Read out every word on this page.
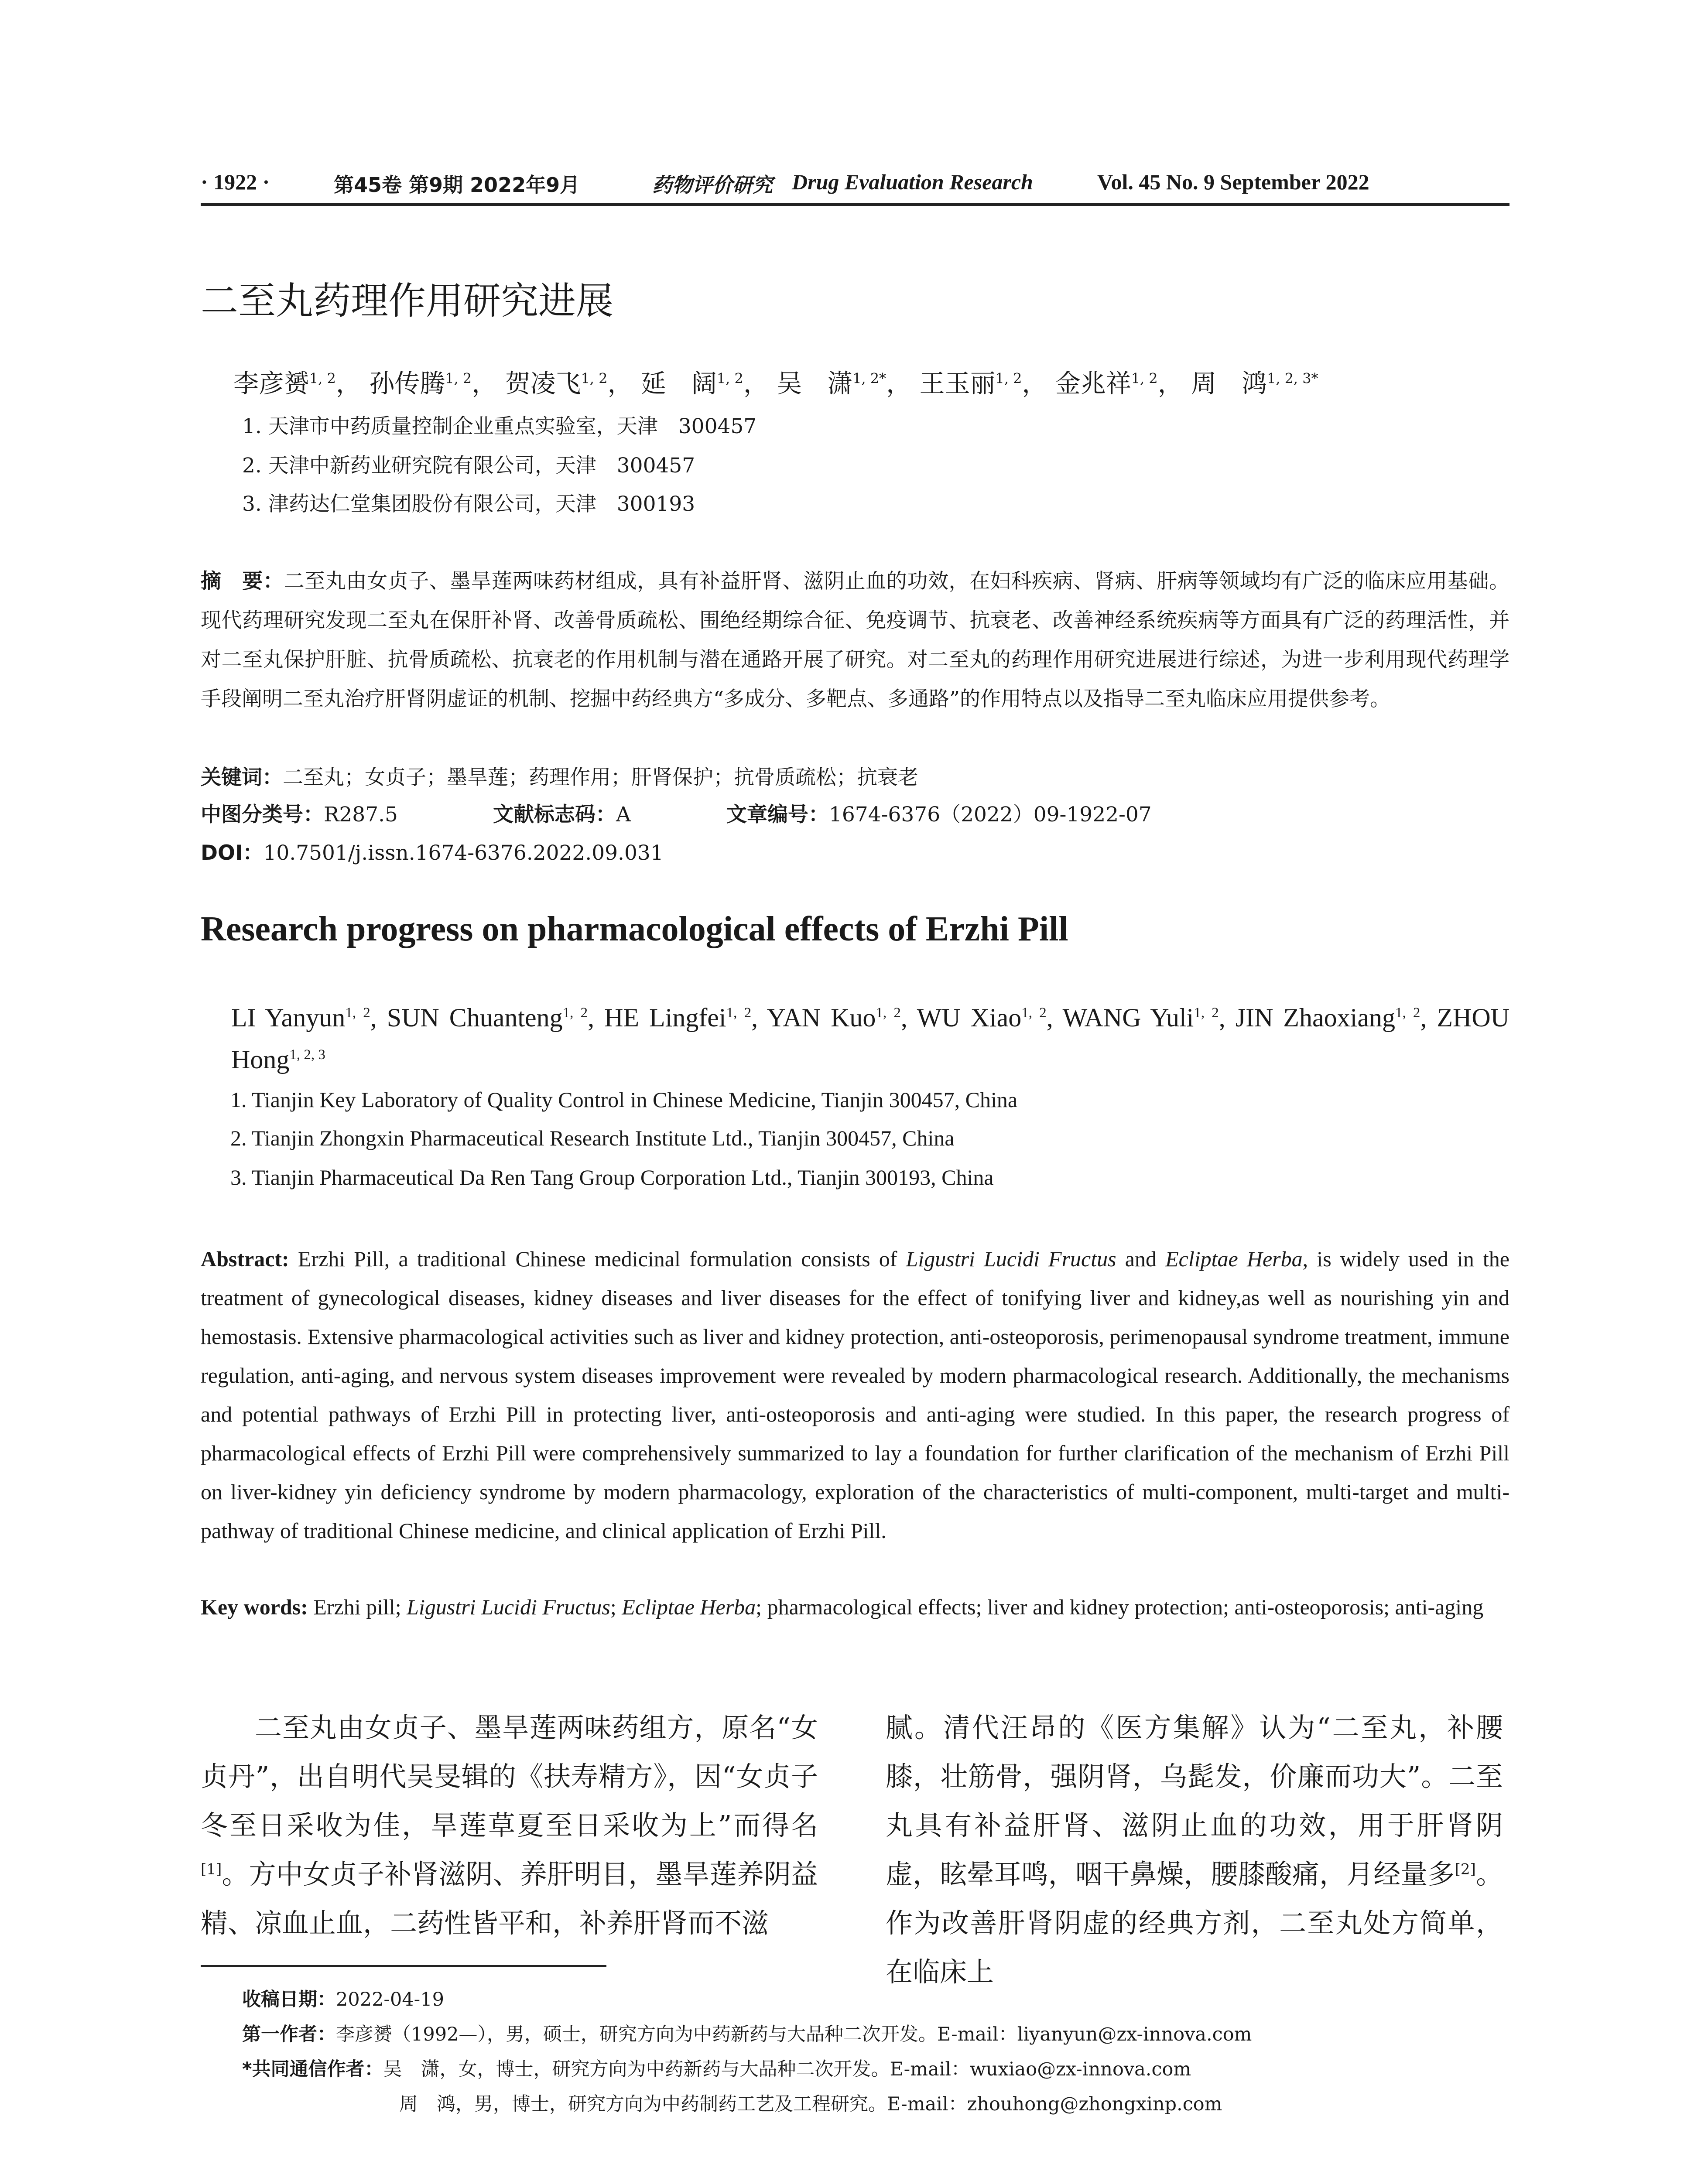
· 1922 ·	第45卷 第9期 2022年9月	药物评价研究 Drug Evaluation Research	Vol. 45 No. 9 September 2022
二至丸药理作用研究进展
李彦赟$^{1, 2}$， 孙传腾$^{1, 2}$， 贺凌飞$^{1, 2}$， 延　阔$^{1, 2}$， 吴　潇$^{1, 2*}$， 王玉丽$^{1, 2}$， 金兆祥$^{1, 2}$， 周　鸿$^{1, 2, 3*}$
1. 天津市中药质量控制企业重点实验室，天津　300457
2. 天津中新药业研究院有限公司，天津　300457
3. 津药达仁堂集团股份有限公司，天津　300193
摘　要：二至丸由女贞子、墨旱莲两味药材组成，具有补益肝肾、滋阴止血的功效，在妇科疾病、肾病、肝病等领域均有广泛的临床应用基础。现代药理研究发现二至丸在保肝补肾、改善骨质疏松、围绝经期综合征、免疫调节、抗衰老、改善神经系统疾病等方面具有广泛的药理活性，并对二至丸保护肝脏、抗骨质疏松、抗衰老的作用机制与潜在通路开展了研究。对二至丸的药理作用研究进展进行综述，为进一步利用现代药理学手段阐明二至丸治疗肝肾阴虚证的机制、挖掘中药经典方“多成分、多靶点、多通路”的作用特点以及指导二至丸临床应用提供参考。
关键词：二至丸；女贞子；墨旱莲；药理作用；肝肾保护；抗骨质疏松；抗衰老
中图分类号：R287.5	文献标志码：A	文章编号：1674-6376（2022）09-1922-07
DOI：10.7501/j.issn.1674-6376.2022.09.031
Research progress on pharmacological effects of Erzhi Pill
LI Yanyun$^{1, 2}$, SUN Chuanteng$^{1, 2}$, HE Lingfei$^{1, 2}$, YAN Kuo$^{1, 2}$, WU Xiao$^{1, 2}$, WANG Yuli$^{1, 2}$, JIN Zhaoxiang$^{1, 2}$, ZHOU Hong$^{1, 2, 3}$
1. Tianjin Key Laboratory of Quality Control in Chinese Medicine, Tianjin 300457, China
2. Tianjin Zhongxin Pharmaceutical Research Institute Ltd., Tianjin 300457, China
3. Tianjin Pharmaceutical Da Ren Tang Group Corporation Ltd., Tianjin 300193, China
Abstract: Erzhi Pill, a traditional Chinese medicinal formulation consists of Ligustri Lucidi Fructus and Ecliptae Herba, is widely used in the treatment of gynecological diseases, kidney diseases and liver diseases for the effect of tonifying liver and kidney,as well as nourishing yin and hemostasis. Extensive pharmacological activities such as liver and kidney protection, anti-osteoporosis, perimenopausal syndrome treatment, immune regulation, anti-aging, and nervous system diseases improvement were revealed by modern pharmacological research. Additionally, the mechanisms and potential pathways of Erzhi Pill in protecting liver, anti-osteoporosis and anti-aging were studied. In this paper, the research progress of pharmacological effects of Erzhi Pill were comprehensively summarized to lay a foundation for further clarification of the mechanism of Erzhi Pill on liver-kidney yin deficiency syndrome by modern pharmacology, exploration of the characteristics of multi-component, multi-target and multi-pathway of traditional Chinese medicine, and clinical application of Erzhi Pill.
Key words: Erzhi pill; Ligustri Lucidi Fructus; Ecliptae Herba; pharmacological effects; liver and kidney protection; anti-osteoporosis; anti-aging
二至丸由女贞子、墨旱莲两味药组方，原名“女贞丹”，出自明代吴旻辑的《扶寿精方》，因“女贞子冬至日采收为佳，旱莲草夏至日采收为上”而得名[1]。方中女贞子补肾滋阴、养肝明目，墨旱莲养阴益精、凉血止血，二药性皆平和，补养肝肾而不滋
腻。清代汪昂的《医方集解》认为“二至丸，补腰膝，壮筋骨，强阴肾，乌髭发，价廉而功大”。二至丸具有补益肝肾、滋阴止血的功效，用于肝肾阴虚，眩晕耳鸣，咽干鼻燥，腰膝酸痛，月经量多[2]。作为改善肝肾阴虚的经典方剂，二至丸处方简单，在临床上
收稿日期：2022-04-19
第一作者：李彦赟（1992—），男，硕士，研究方向为中药新药与大品种二次开发。E-mail：liyanyun@zx-innova.com
*共同通信作者：吴　潇，女，博士，研究方向为中药新药与大品种二次开发。E-mail：wuxiao@zx-innova.com
周　鸿，男，博士，研究方向为中药制药工艺及工程研究。E-mail：zhouhong@zhongxinp.com
